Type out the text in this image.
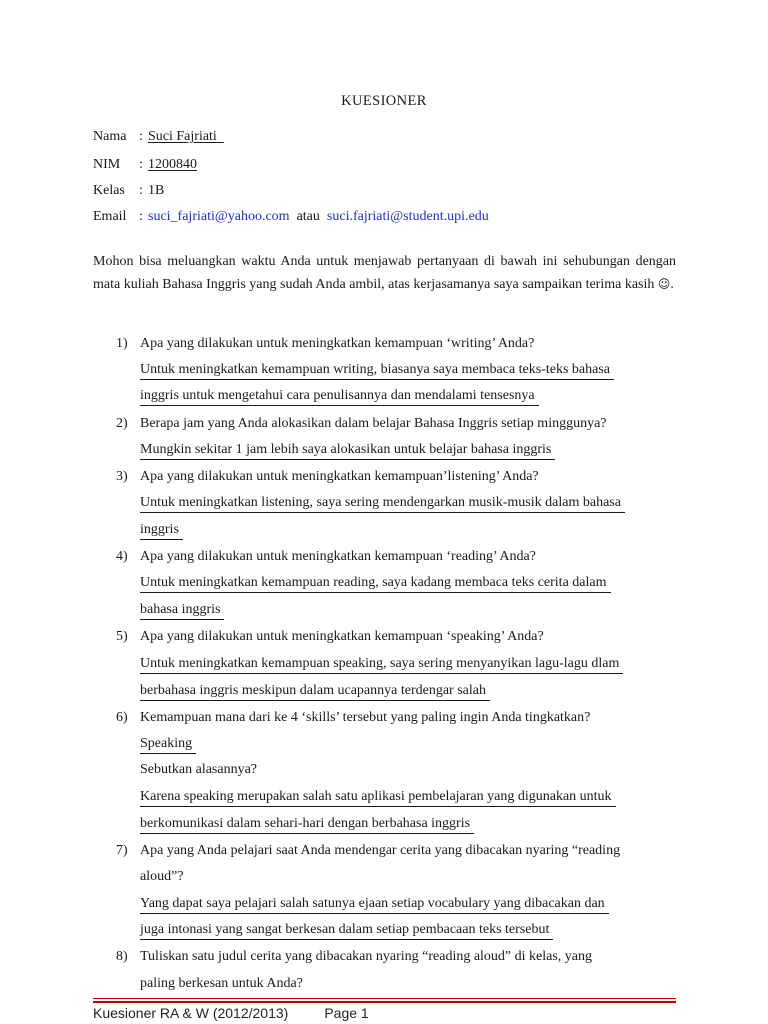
KUESIONER
Nama : Suci Fajriati
NIM : 1200840
Kelas : 1B
Email : suci_fajriati@yahoo.com atau suci.fajriati@student.upi.edu
Mohon bisa meluangkan waktu Anda untuk menjawab pertanyaan di bawah ini sehubungan dengan mata kuliah Bahasa Inggris yang sudah Anda ambil, atas kerjasamanya saya sampaikan terima kasih ☺.
1) Apa yang dilakukan untuk meningkatkan kemampuan ‘writing’ Anda?
Untuk meningkatkan kemampuan writing, biasanya saya membaca teks-teks bahasa
inggris untuk mengetahui cara penulisannya dan mendalami tensesnya
2) Berapa jam yang Anda alokasikan dalam belajar Bahasa Inggris setiap minggunya?
Mungkin sekitar 1 jam lebih saya alokasikan untuk belajar bahasa inggris
3) Apa yang dilakukan untuk meningkatkan kemampuan’listening’ Anda?
Untuk meningkatkan listening, saya sering mendengarkan musik-musik dalam bahasa
inggris
4) Apa yang dilakukan untuk meningkatkan kemampuan ‘reading’ Anda?
Untuk meningkatkan kemampuan reading, saya kadang membaca teks cerita dalam
bahasa inggris
5) Apa yang dilakukan untuk meningkatkan kemampuan ‘speaking’ Anda?
Untuk meningkatkan kemampuan speaking, saya sering menyanyikan lagu-lagu dlam
berbahasa inggris meskipun dalam ucapannya terdengar salah
6) Kemampuan mana dari ke 4 ‘skills’ tersebut yang paling ingin Anda tingkatkan?
Speaking
Sebutkan alasannya?
Karena speaking merupakan salah satu aplikasi pembelajaran yang digunakan untuk
berkomunikasi dalam sehari-hari dengan berbahasa inggris
7) Apa yang Anda pelajari saat Anda mendengar cerita yang dibacakan nyaring “reading
aloud”?
Yang dapat saya pelajari salah satunya ejaan setiap vocabulary yang dibacakan dan
juga intonasi yang sangat berkesan dalam setiap pembacaan teks tersebut
8) Tuliskan satu judul cerita yang dibacakan nyaring “reading aloud” di kelas, yang
paling berkesan untuk Anda?
Kuesioner RA & W (2012/2013)	Page 1
